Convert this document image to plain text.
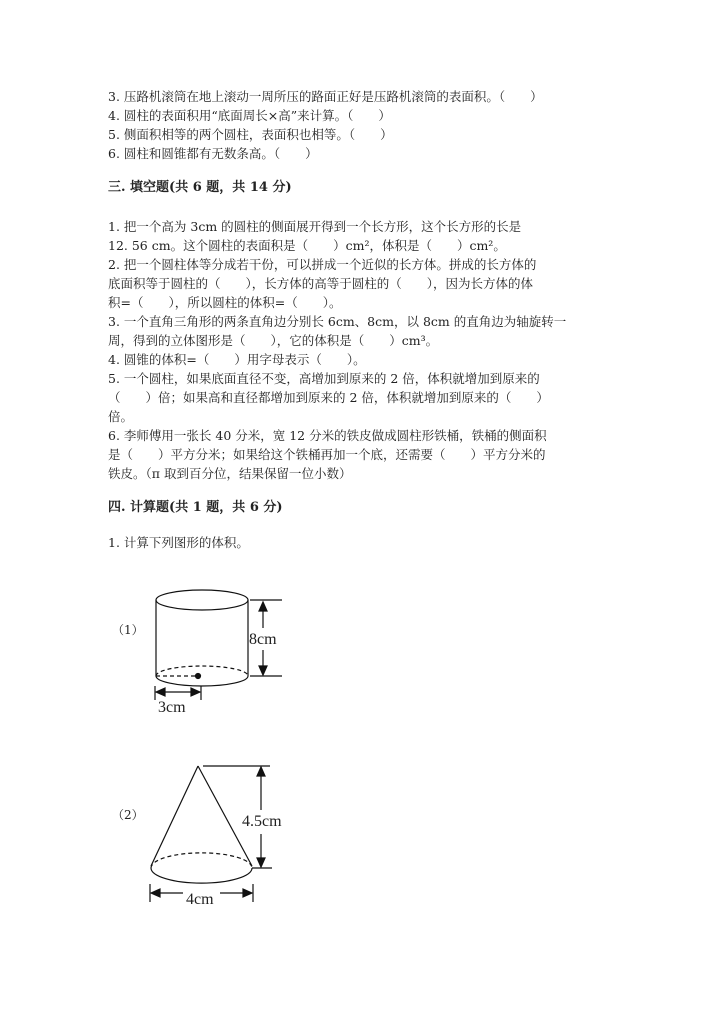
3. 压路机滚筒在地上滚动一周所压的路面正好是压路机滚筒的表面积。（　　）
4. 圆柱的表面积用“底面周长×高”来计算。（　　）
5. 侧面积相等的两个圆柱，表面积也相等。（　　）
6. 圆柱和圆锥都有无数条高。（　　）
三. 填空题(共 6 题，共 14 分)
1. 把一个高为 3cm 的圆柱的侧面展开得到一个长方形，这个长方形的长是
12. 56 cm。这个圆柱的表面积是（　　）cm²，体积是（　　）cm²。
2. 把一个圆柱体等分成若干份，可以拼成一个近似的长方体。拼成的长方体的
底面积等于圆柱的（　　），长方体的高等于圆柱的（　　），因为长方体的体
积=（　　），所以圆柱的体积=（　　）。
3. 一个直角三角形的两条直角边分别长 6cm、8cm，以 8cm 的直角边为轴旋转一
周，得到的立体图形是（　　），它的体积是（　　）cm³。
4. 圆锥的体积=（　　）用字母表示（　　）。
5. 一个圆柱，如果底面直径不变，高增加到原来的 2 倍，体积就增加到原来的
（　　）倍；如果高和直径都增加到原来的 2 倍，体积就增加到原来的（　　）
倍。
6. 李师傅用一张长 40 分米，宽 12 分米的铁皮做成圆柱形铁桶，铁桶的侧面积
是（　　）平方分米；如果给这个铁桶再加一个底，还需要（　　）平方分米的
铁皮。（π 取到百分位，结果保留一位小数）
四. 计算题(共 1 题，共 6 分)
1. 计算下列图形的体积。
（1）
8cm
3cm
（2）	4.5cm
4cm
